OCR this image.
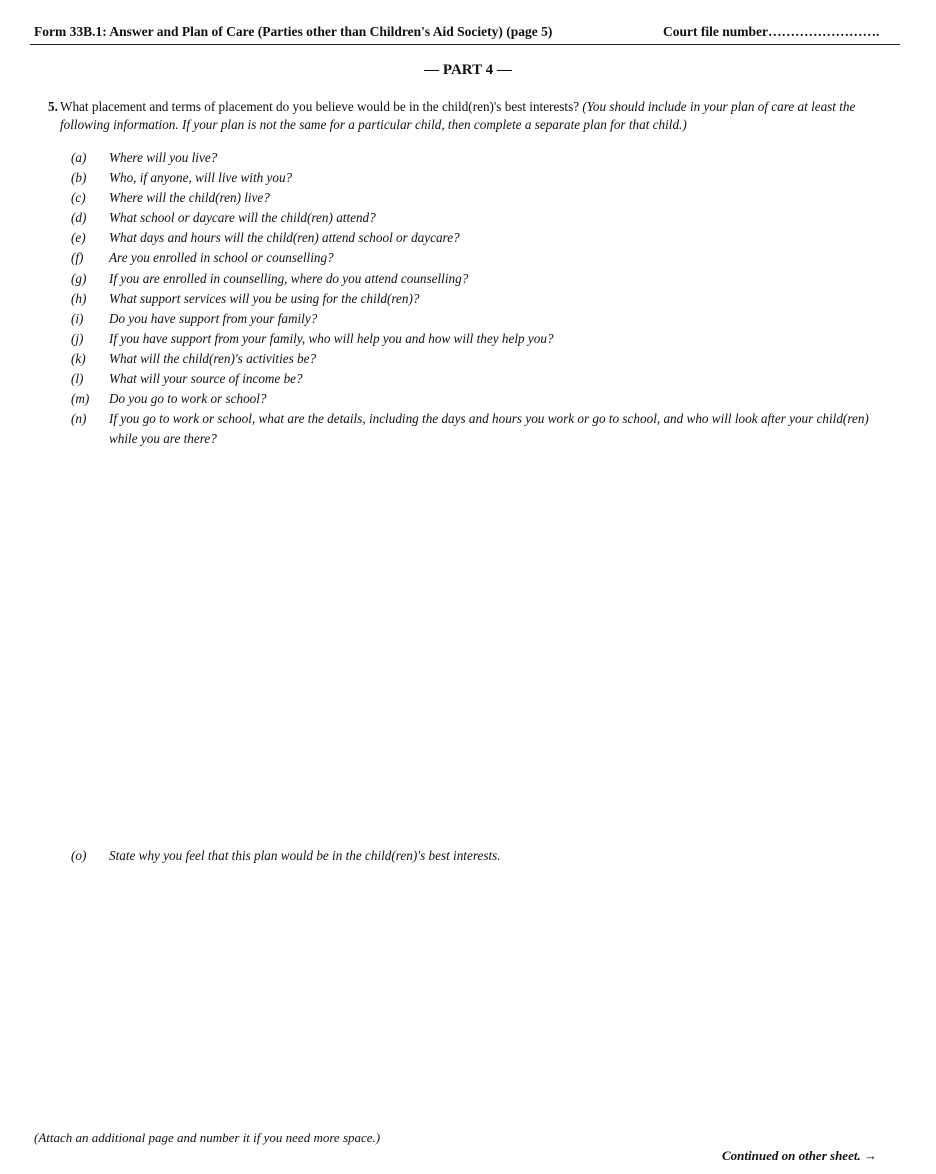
Form 33B.1: Answer and Plan of Care (Parties other than Children's Aid Society) (page 5)	Court file number…………………….
— PART 4 —
5. What placement and terms of placement do you believe would be in the child(ren)'s best interests? (You should include in your plan of care at least the following information. If your plan is not the same for a particular child, then complete a separate plan for that child.)
(a) Where will you live?
(b) Who, if anyone, will live with you?
(c) Where will the child(ren) live?
(d) What school or daycare will the child(ren) attend?
(e) What days and hours will the child(ren) attend school or daycare?
(f) Are you enrolled in school or counselling?
(g) If you are enrolled in counselling, where do you attend counselling?
(h) What support services will you be using for the child(ren)?
(i) Do you have support from your family?
(j) If you have support from your family, who will help you and how will they help you?
(k) What will the child(ren)'s activities be?
(l) What will your source of income be?
(m) Do you go to work or school?
(n) If you go to work or school, what are the details, including the days and hours you work or go to school, and who will look after your child(ren) while you are there?
(o) State why you feel that this plan would be in the child(ren)'s best interests.
(Attach an additional page and number it if you need more space.)
Continued on other sheet. →
